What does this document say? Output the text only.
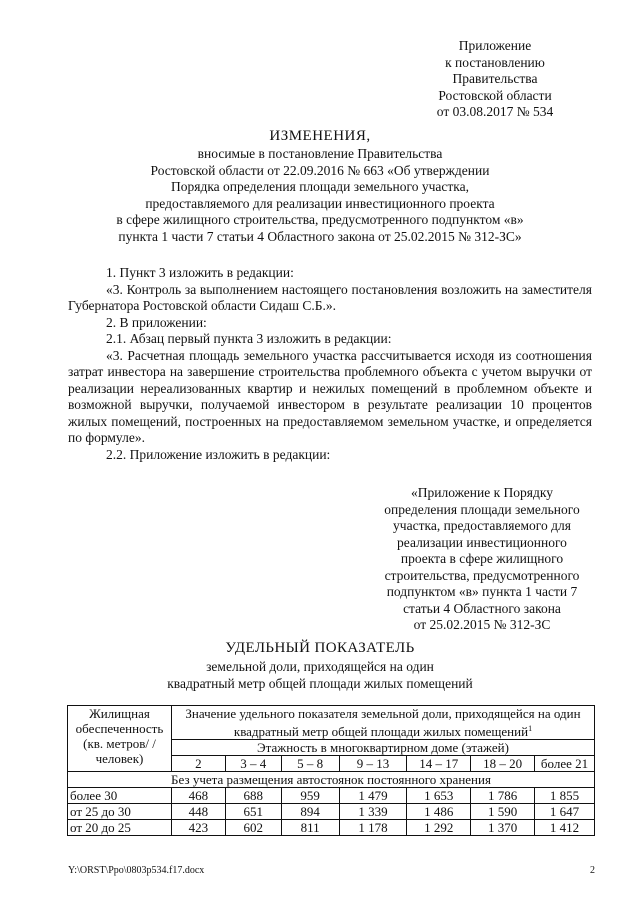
Приложение
к постановлению
Правительства
Ростовской области
от 03.08.2017 № 534
ИЗМЕНЕНИЯ,
вносимые в постановление Правительства
Ростовской области от 22.09.2016 № 663 «Об утверждении
Порядка определения площади земельного участка,
предоставляемого для реализации инвестиционного проекта
в сфере жилищного строительства, предусмотренного подпунктом «в»
пункта 1 части 7 статьи 4 Областного закона от 25.02.2015 № 312-ЗС»

1. Пункт 3 изложить в редакции:

«3. Контроль за выполнением настоящего постановления возложить на заместителя Губернатора Ростовской области Сидаш С.Б.».

2. В приложении:

2.1. Абзац первый пункта 3 изложить в редакции:

«3. Расчетная площадь земельного участка рассчитывается исходя из соотношения затрат инвестора на завершение строительства проблемного объекта с учетом выручки от реализации нереализованных квартир и нежилых помещений в проблемном объекте и возможной выручки, получаемой инвестором в результате реализации 10 процентов жилых помещений, построенных на предоставляемом земельном участке, и определяется по формуле».

2.2. Приложение изложить в редакции:

«Приложение к Порядку
определения площади земельного
участка, предоставляемого для
реализации инвестиционного
проекта в сфере жилищного
строительства, предусмотренного
подпунктом «в» пункта 1 части 7
статьи 4 Областного закона
от 25.02.2015 № 312-ЗС
УДЕЛЬНЫЙ ПОКАЗАТЕЛЬ
земельной доли, приходящейся на один
квадратный метр общей площади жилых помещений
Жилищная обеспеченность (кв. метров/ /человек)	Значение удельного показателя земельной доли, приходящейся на один квадратный метр общей площади жилых помещений$^1$
	Этажность в многоквартирном доме (этажей)						
	2	3 – 4	5 – 8	9 – 13	14 – 17	18 – 20	более 21
Без учета размещения автостоянок постоянного хранения							
более 30	468	688	959	1 479	1 653	1 786	1 855
от 25 до 30	448	651	894	1 339	1 486	1 590	1 647
от 20 до 25	423	602	811	1 178	1 292	1 370	1 412
Y:\ORST\Ppo\0803p534.f17.docx	2
